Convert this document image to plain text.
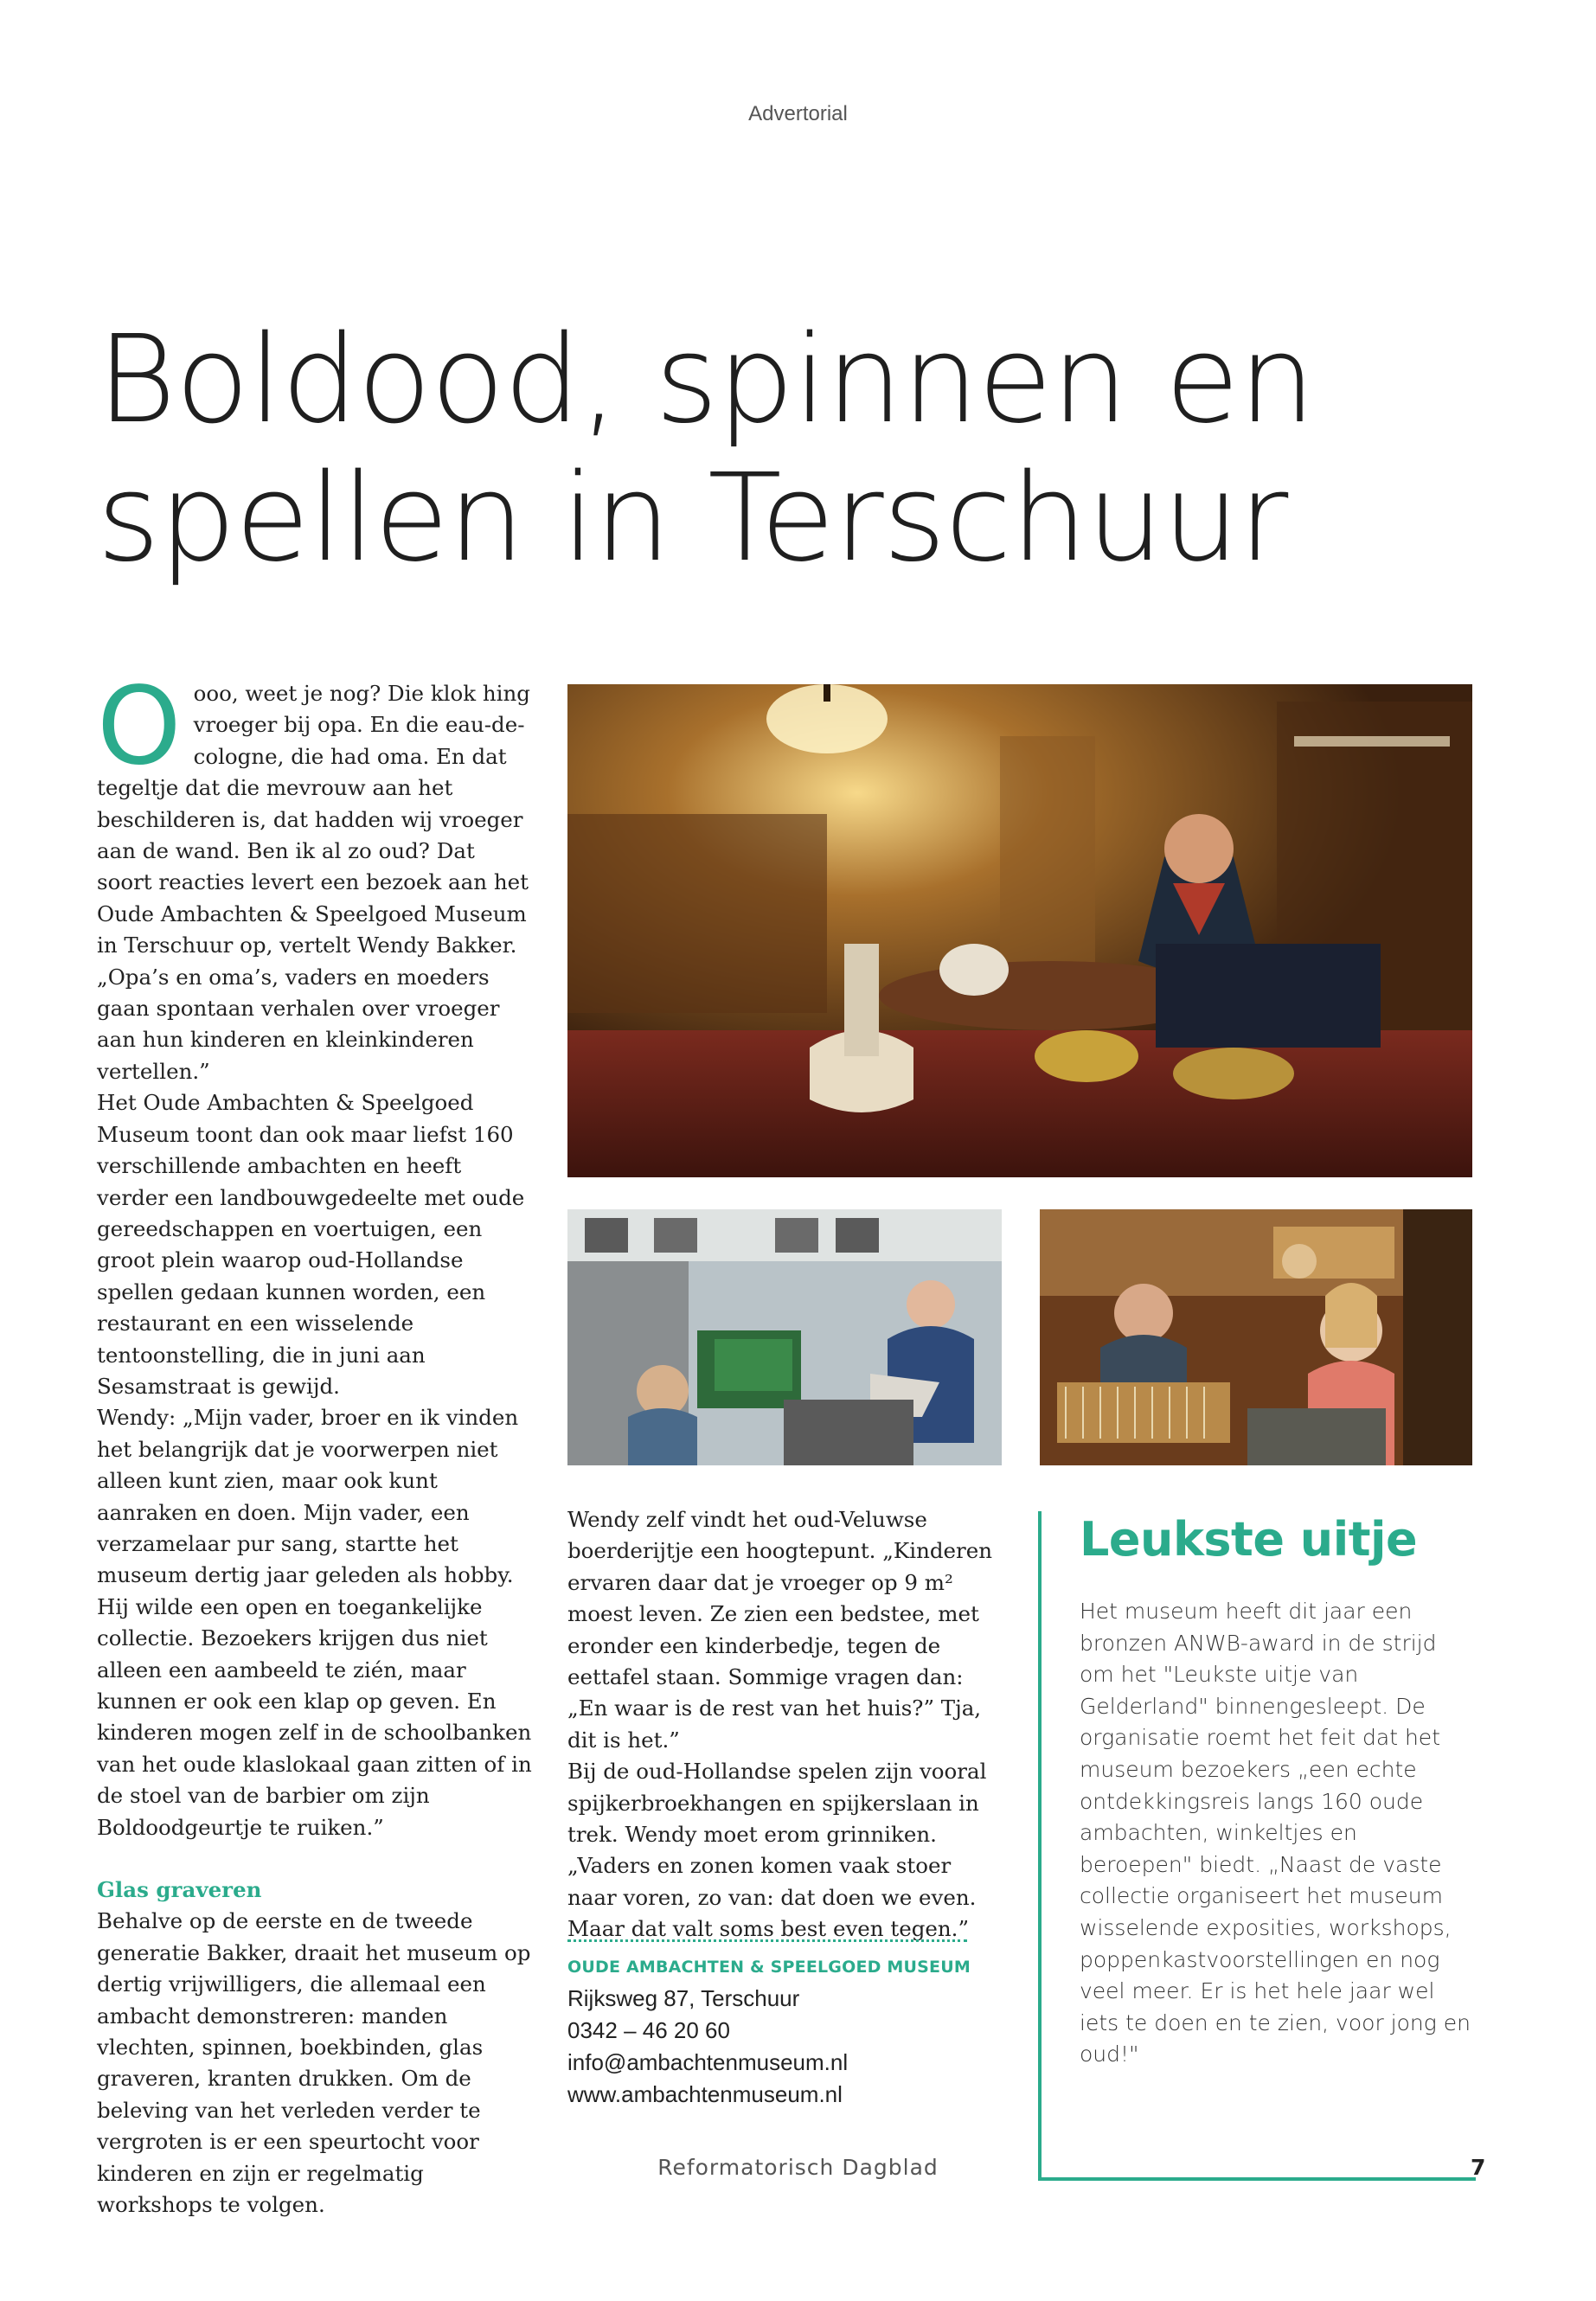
Advertorial
Boldood, spinnen en
spellen in Terschuur
O ooo, weet je nog? Die klok hing vroeger bij opa. En die eau-de-cologne, die had oma. En dat tegeltje dat die mevrouw aan het beschilderen is, dat hadden wij vroeger aan de wand. Ben ik al zo oud? Dat soort reacties levert een bezoek aan het Oude Ambachten & Speelgoed Museum in Terschuur op, vertelt Wendy Bakker. „Opa’s en oma’s, vaders en moeders gaan spontaan verhalen over vroeger aan hun kinderen en kleinkinderen vertellen.”

Het Oude Ambachten & Speelgoed Museum toont dan ook maar liefst 160 verschillende ambachten en heeft verder een landbouwgedeelte met oude gereedschappen en voertuigen, een groot plein waarop oud-Hollandse spellen gedaan kunnen worden, een restaurant en een wisselende tentoonstelling, die in juni aan Sesamstraat is gewijd.

Wendy: „Mijn vader, broer en ik vinden het belangrijk dat je voorwerpen niet alleen kunt zien, maar ook kunt aanraken en doen. Mijn vader, een verzamelaar pur sang, startte het museum dertig jaar geleden als hobby. Hij wilde een open en toegankelijke collectie. Bezoekers krijgen dus niet alleen een aambeeld te zién, maar kunnen er ook een klap op geven. En kinderen mogen zelf in de schoolbanken van het oude klaslokaal gaan zitten of in de stoel van de barbier om zijn Boldoodgeurtje te ruiken.”

Glas graveren

Behalve op de eerste en de tweede generatie Bakker, draait het museum op dertig vrijwilligers, die allemaal een ambacht demonstreren: manden vlechten, spinnen, boekbinden, glas graveren, kranten drukken. Om de beleving van het verleden verder te vergroten is er een speurtocht voor kinderen en zijn er regelmatig workshops te volgen.

Wendy zelf vindt het oud-Veluwse boerderijtje een hoogtepunt. „Kinderen ervaren daar dat je vroeger op 9 m² moest leven. Ze zien een bedstee, met eronder een kinderbedje, tegen de eettafel staan. Sommige vragen dan: „En waar is de rest van het huis?” Tja, dit is het.”

Bij de oud-Hollandse spelen zijn vooral spijkerbroekhangen en spijkerslaan in trek. Wendy moet erom grinniken. „Vaders en zonen komen vaak stoer naar voren, zo van: dat doen we even. Maar dat valt soms best even tegen.”

OUDE AMBACHTEN & SPEELGOED MUSEUM
Rijksweg 87, Terschuur
0342 – 46 20 60
info@ambachtenmuseum.nl
www.ambachtenmuseum.nl
Leukste uitje
Het museum heeft dit jaar een bronzen ANWB-award in de strijd om het "Leukste uitje van Gelderland" binnengesleept. De organisatie roemt het feit dat het museum bezoekers „een echte ontdekkingsreis langs 160 oude ambachten, winkeltjes en beroepen" biedt. „Naast de vaste collectie organiseert het museum wisselende exposities, workshops, poppenkastvoorstellingen en nog veel meer. Er is het hele jaar wel iets te doen en te zien, voor jong en oud!"
Reformatorisch Dagblad	7
